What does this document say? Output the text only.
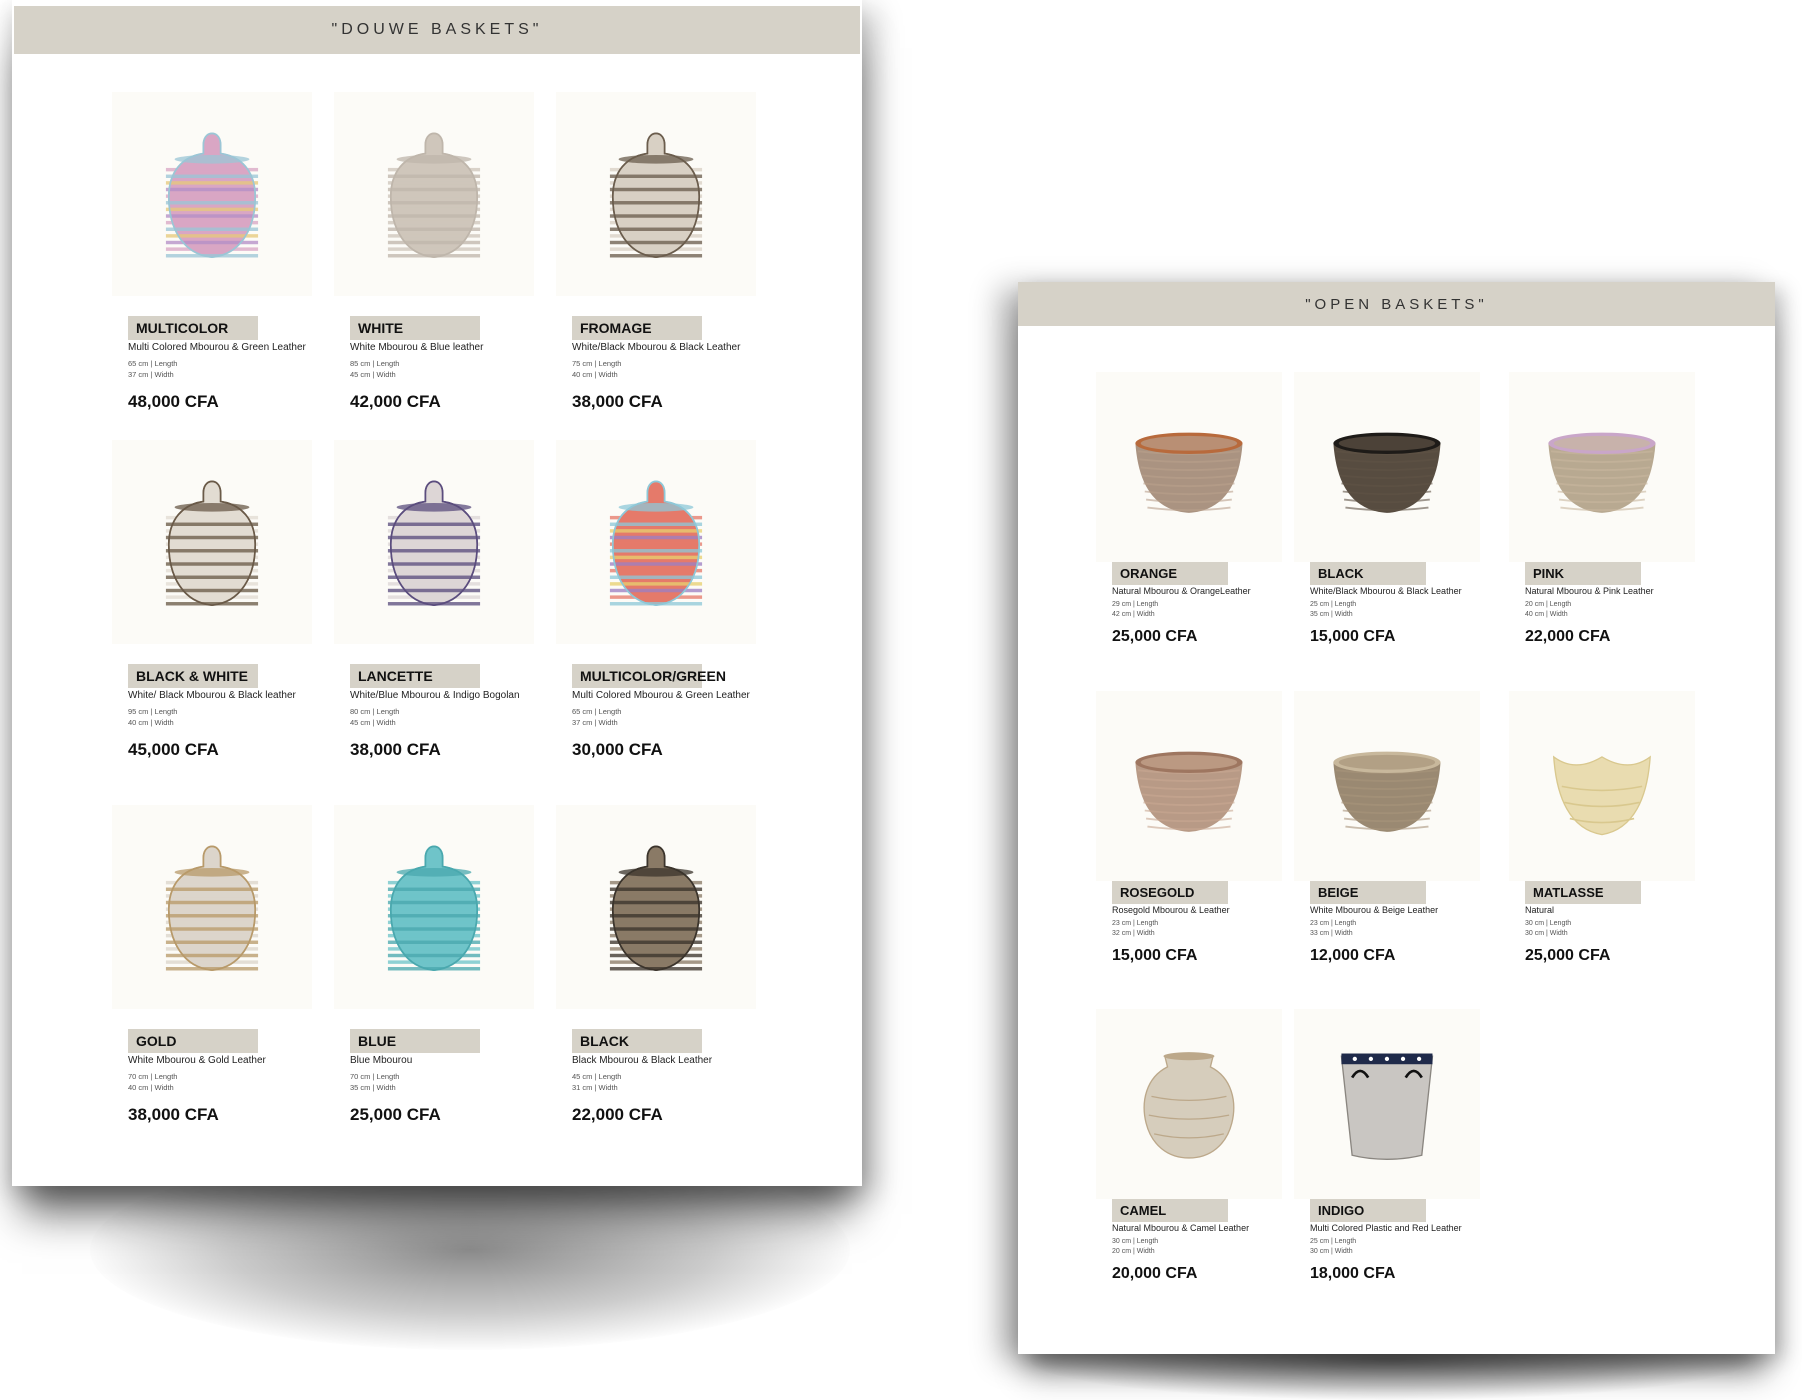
"DOUWE BASKETS"
MULTICOLOR
Multi Colored Mbourou & Green Leather
65 cm | Length
37 cm | Width
48,000 CFA
WHITE
White Mbourou & Blue leather
85 cm | Length
45 cm | Width
42,000 CFA
FROMAGE
White/Black Mbourou & Black Leather
75 cm | Length
40 cm | Width
38,000 CFA
BLACK & WHITE
White/ Black Mbourou & Black leather
95 cm | Length
40 cm | Width
45,000 CFA
LANCETTE
White/Blue Mbourou & Indigo Bogolan
80 cm | Length
45 cm | Width
38,000 CFA
MULTICOLOR/GREEN
Multi Colored Mbourou & Green Leather
65 cm | Length
37 cm | Width
30,000 CFA
GOLD
White Mbourou & Gold Leather
70 cm | Length
40 cm | Width
38,000 CFA
BLUE
Blue Mbourou
70 cm | Length
35 cm | Width
25,000 CFA
BLACK
Black Mbourou & Black Leather
45 cm | Length
31 cm | Width
22,000 CFA
"OPEN BASKETS"
ORANGE
Natural Mbourou & OrangeLeather
29 cm | Length
42 cm | Width
25,000 CFA
BLACK
White/Black Mbourou & Black Leather
25 cm | Length
35 cm | Width
15,000 CFA
PINK
Natural Mbourou & Pink Leather
20 cm | Length
40 cm | Width
22,000 CFA
ROSEGOLD
Rosegold Mbourou & Leather
23 cm | Length
32 cm | Width
15,000 CFA
BEIGE
White Mbourou & Beige Leather
23 cm | Length
33 cm | Width
12,000 CFA
MATLASSE
Natural
30 cm | Length
30 cm | Width
25,000 CFA
CAMEL
Natural Mbourou & Camel Leather
30 cm | Length
20 cm | Width
20,000 CFA
INDIGO
Multi Colored Plastic and Red Leather
25 cm | Length
30 cm | Width
18,000 CFA
